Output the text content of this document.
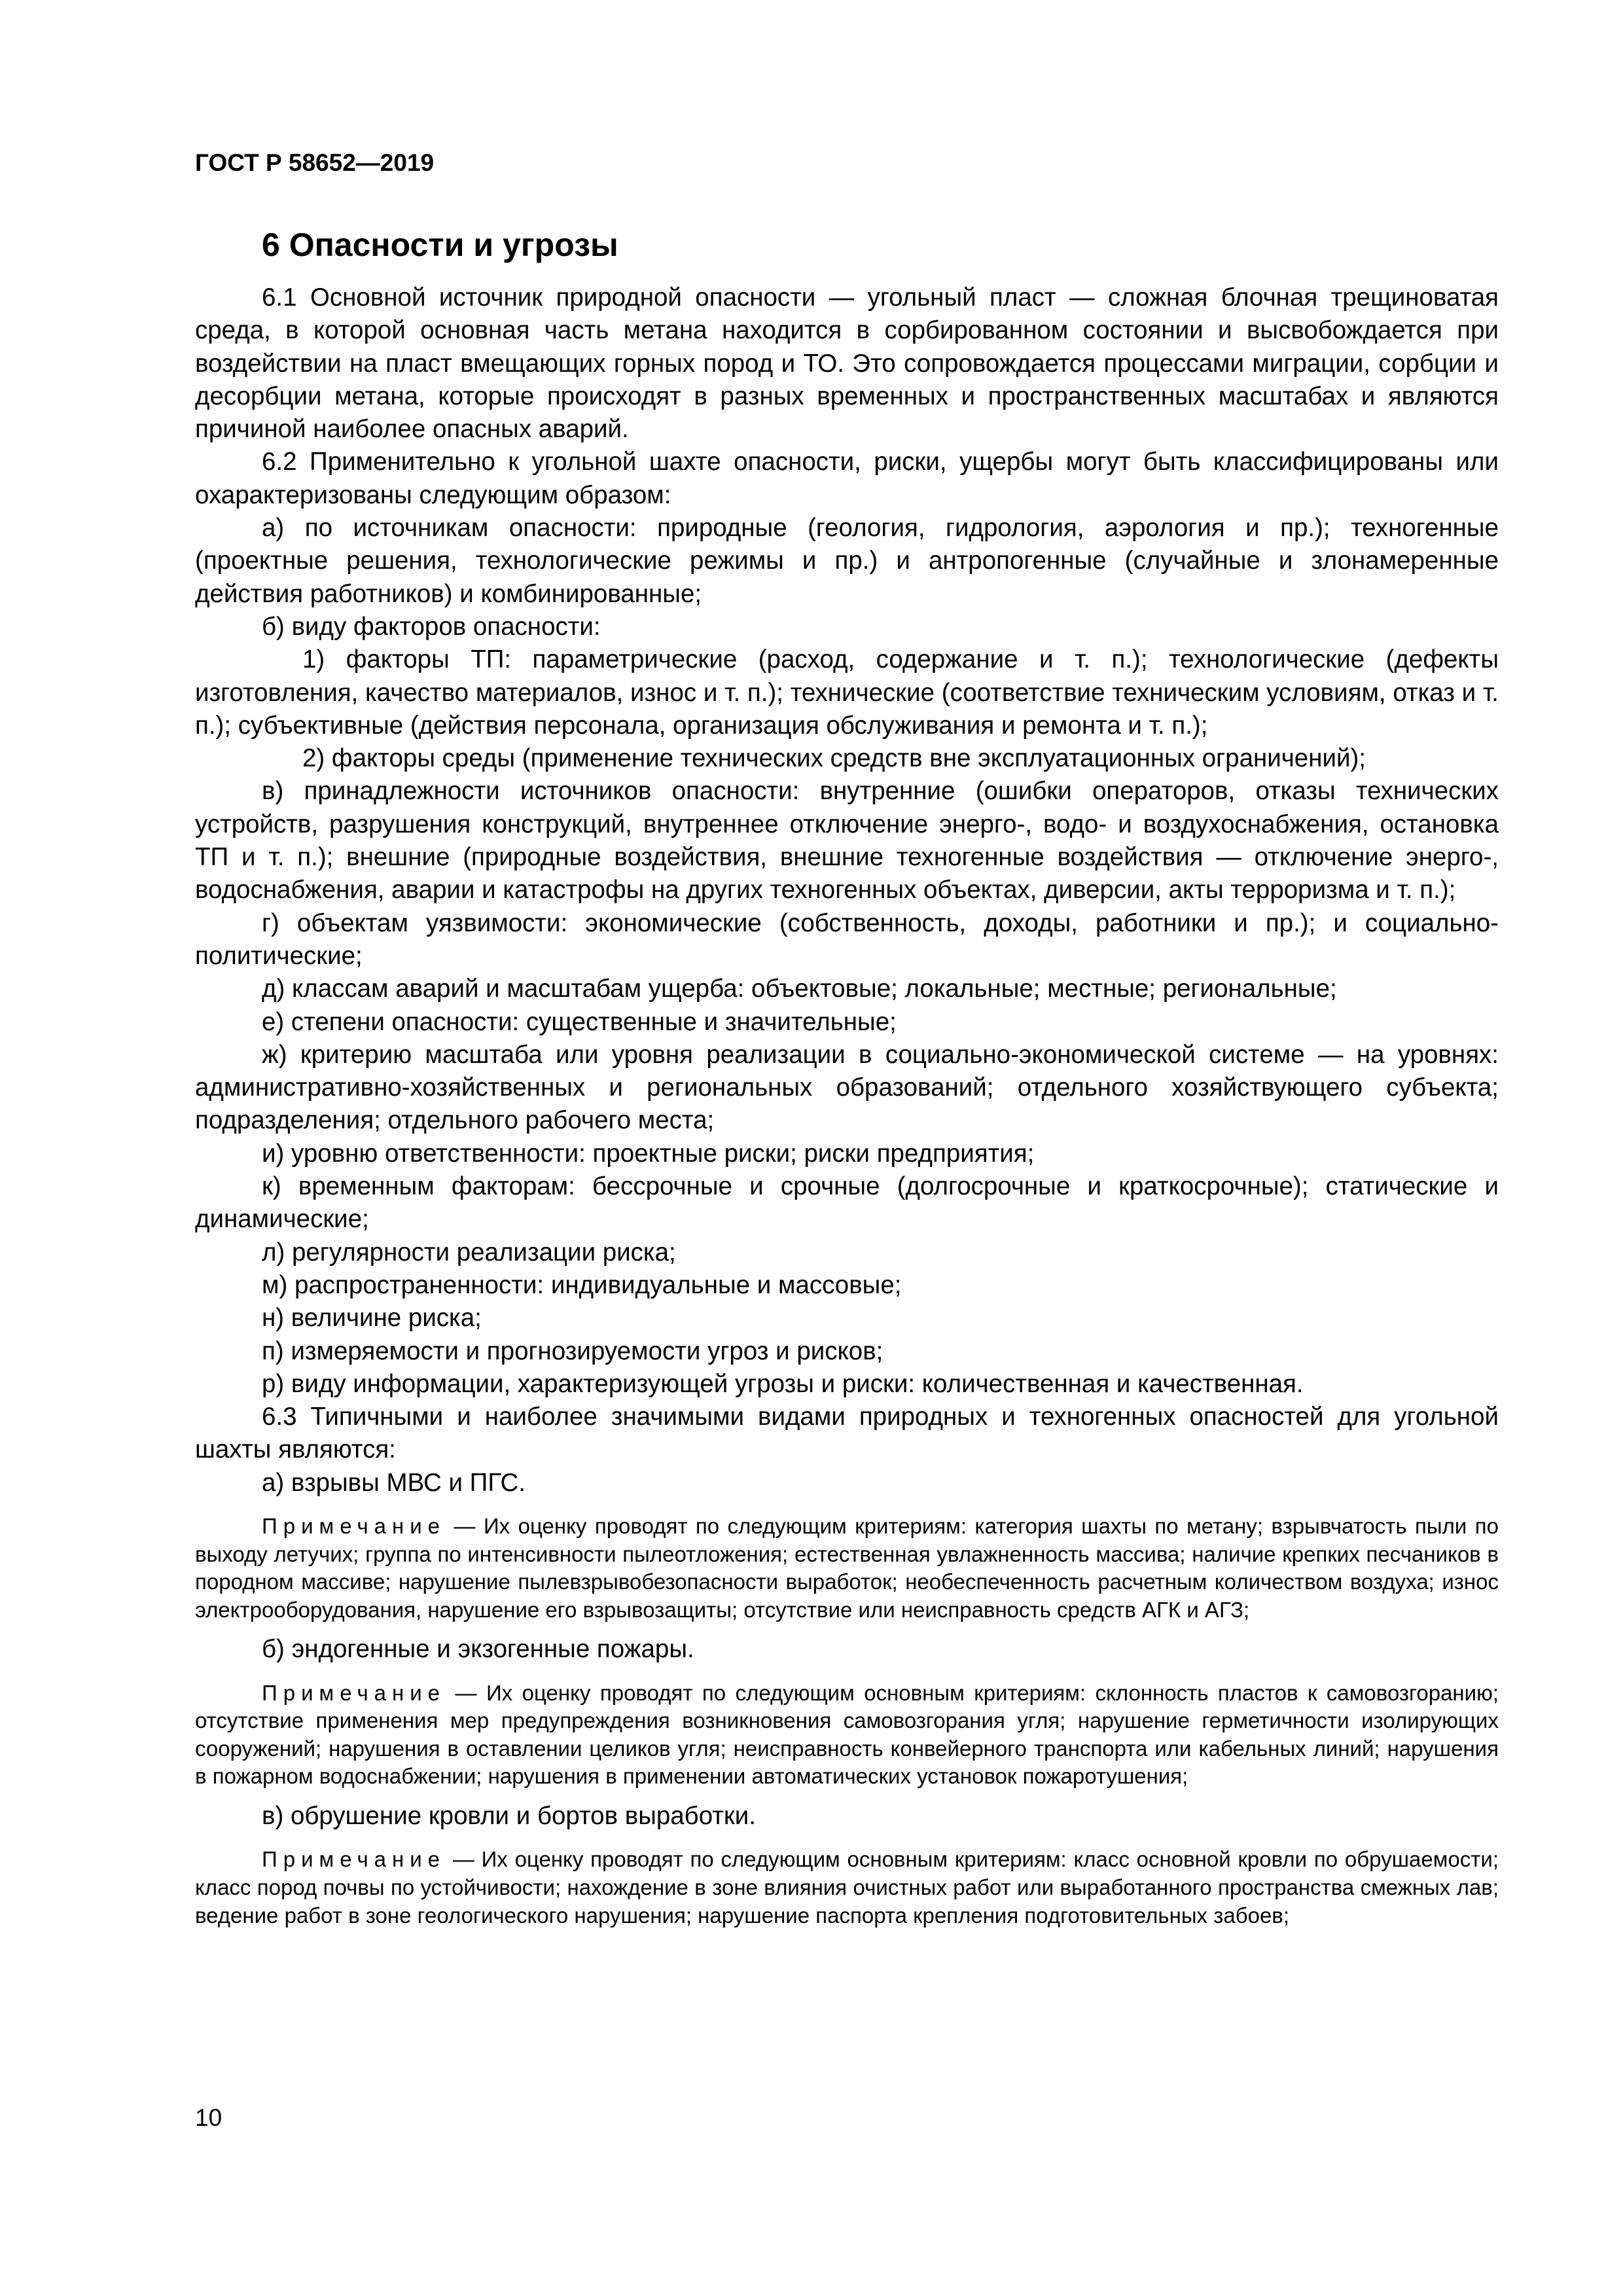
ГОСТ Р 58652—2019
6 Опасности и угрозы

6.1 Основной источник природной опасности — угольный пласт — сложная блочная трещиноватая среда, в которой основная часть метана находится в сорбированном состоянии и высвобождается при воздействии на пласт вмещающих горных пород и ТО. Это сопровождается процессами миграции, сорбции и десорбции метана, которые происходят в разных временных и пространственных масштабах и являются причиной наиболее опасных аварий.

6.2 Применительно к угольной шахте опасности, риски, ущербы могут быть классифицированы или охарактеризованы следующим образом:

а) по источникам опасности: природные (геология, гидрология, аэрология и пр.); техногенные (проектные решения, технологические режимы и пр.) и антропогенные (случайные и злонамеренные действия работников) и комбинированные;

б) виду факторов опасности:

1) факторы ТП: параметрические (расход, содержание и т. п.); технологические (дефекты изготовления, качество материалов, износ и т. п.); технические (соответствие техническим условиям, отказ и т. п.); субъективные (действия персонала, организация обслуживания и ремонта и т. п.);

2) факторы среды (применение технических средств вне эксплуатационных ограничений);

в) принадлежности источников опасности: внутренние (ошибки операторов, отказы технических устройств, разрушения конструкций, внутреннее отключение энерго-, водо- и воздухоснабжения, остановка ТП и т. п.); внешние (природные воздействия, внешние техногенные воздействия — отключение энерго-, водоснабжения, аварии и катастрофы на других техногенных объектах, диверсии, акты терроризма и т. п.);

г) объектам уязвимости: экономические (собственность, доходы, работники и пр.); и социально-политические;

д) классам аварий и масштабам ущерба: объектовые; локальные; местные; региональные;

е) степени опасности: существенные и значительные;

ж) критерию масштаба или уровня реализации в социально-экономической системе — на уровнях: административно-хозяйственных и региональных образований; отдельного хозяйствующего субъекта; подразделения; отдельного рабочего места;

и) уровню ответственности: проектные риски; риски предприятия;

к) временным факторам: бессрочные и срочные (долгосрочные и краткосрочные); статические и динамические;

л) регулярности реализации риска;

м) распространенности: индивидуальные и массовые;

н) величине риска;

п) измеряемости и прогнозируемости угроз и рисков;

р) виду информации, характеризующей угрозы и риски: количественная и качественная.

6.3 Типичными и наиболее значимыми видами природных и техногенных опасностей для угольной шахты являются:

а) взрывы МВС и ПГС.

Примечание — Их оценку проводят по следующим критериям: категория шахты по метану; взрывчатость пыли по выходу летучих; группа по интенсивности пылеотложения; естественная увлажненность массива; наличие крепких песчаников в породном массиве; нарушение пылевзрывобезопасности выработок; необеспеченность расчетным количеством воздуха; износ электрооборудования, нарушение его взрывозащиты; отсутствие или неисправность средств АГК и АГЗ;

б) эндогенные и экзогенные пожары.

Примечание — Их оценку проводят по следующим основным критериям: склонность пластов к самовозгоранию; отсутствие применения мер предупреждения возникновения самовозгорания угля; нарушение герметичности изолирующих сооружений; нарушения в оставлении целиков угля; неисправность конвейерного транспорта или кабельных линий; нарушения в пожарном водоснабжении; нарушения в применении автоматических установок пожаротушения;

в) обрушение кровли и бортов выработки.

Примечание — Их оценку проводят по следующим основным критериям: класс основной кровли по обрушаемости; класс пород почвы по устойчивости; нахождение в зоне влияния очистных работ или выработанного пространства смежных лав; ведение работ в зоне геологического нарушения; нарушение паспорта крепления подготовительных забоев;

10
